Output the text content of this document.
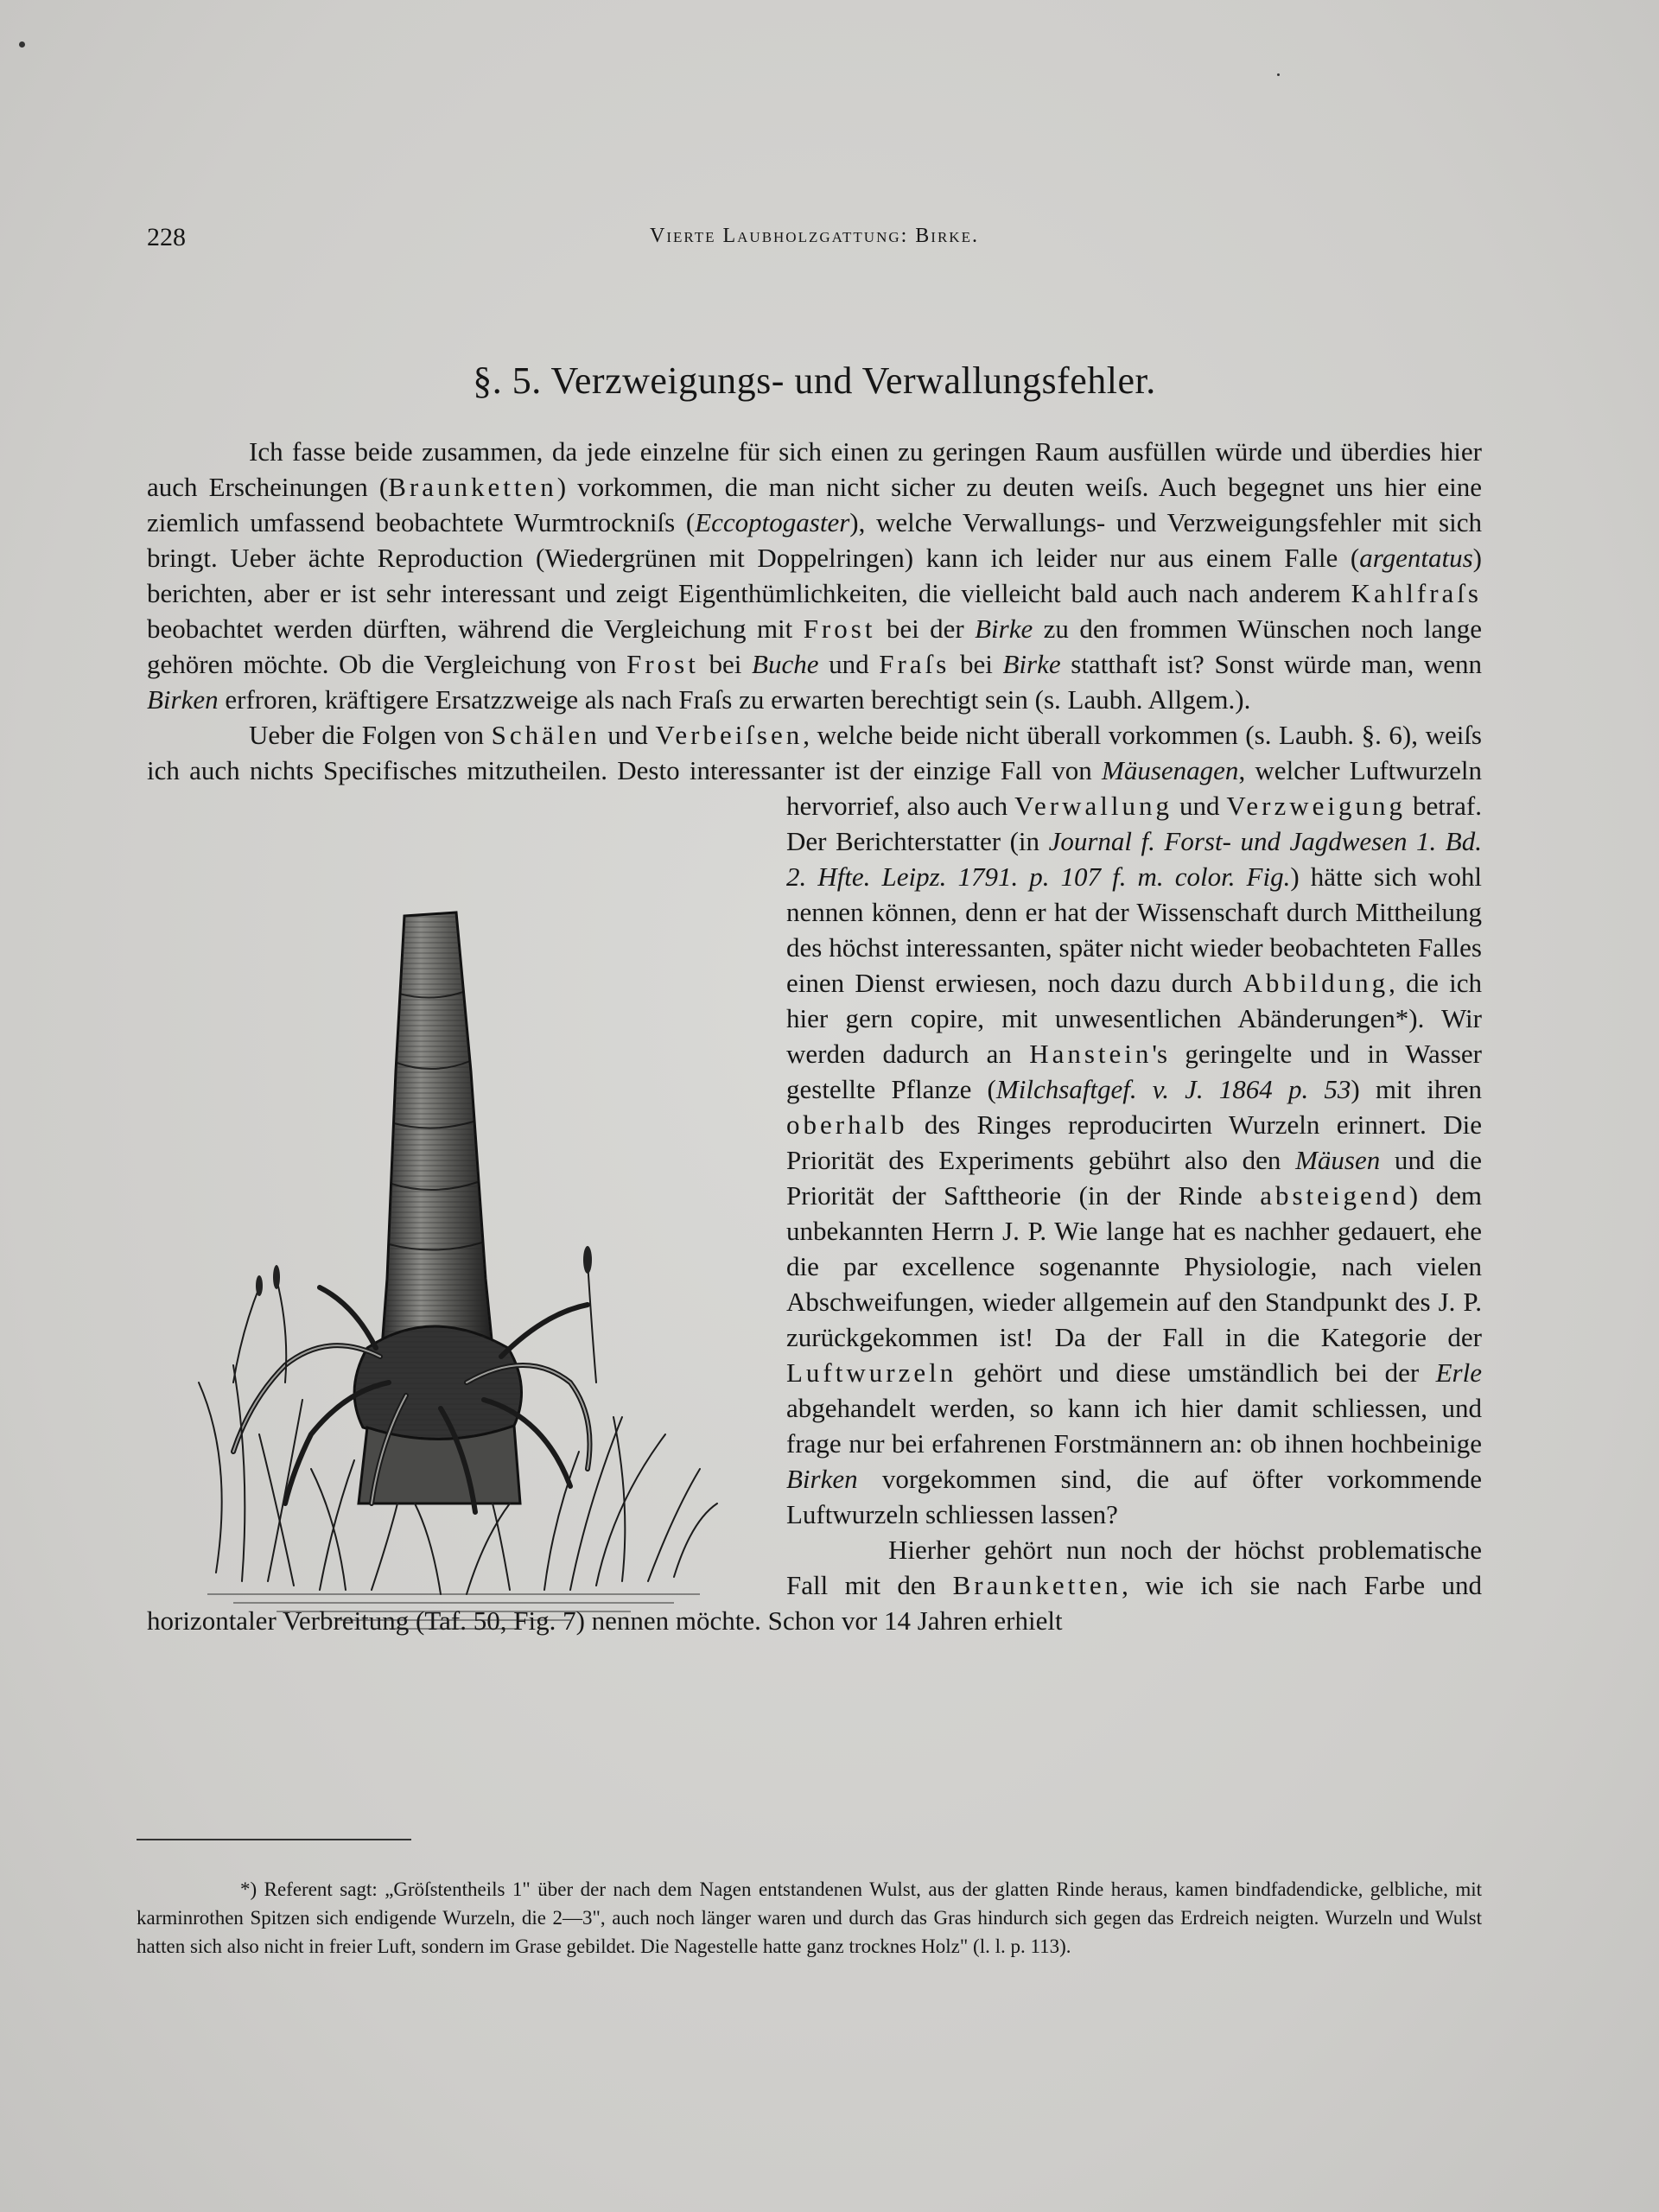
228	Vierte Laubholzgattung: Birke.
§. 5. Verzweigungs- und Verwallungsfehler.

Ich fasse beide zusammen, da jede einzelne für sich einen zu geringen Raum ausfüllen würde und überdies hier auch Erscheinungen (Braunketten) vorkommen, die man nicht sicher zu deuten weiſs. Auch begegnet uns hier eine ziemlich umfassend beobachtete Wurmtrockniſs (Eccoptogaster), welche Verwallungs- und Verzweigungsfehler mit sich bringt. Ueber ächte Reproduction (Wiedergrünen mit Doppelringen) kann ich leider nur aus einem Falle (argentatus) berichten, aber er ist sehr interessant und zeigt Eigenthümlichkeiten, die vielleicht bald auch nach anderem Kahlfraſs beobachtet werden dürften, während die Vergleichung mit Frost bei der Birke zu den frommen Wünschen noch lange gehören möchte. Ob die Vergleichung von Frost bei Buche und Fraſs bei Birke statthaft ist? Sonst würde man, wenn Birken erfroren, kräftigere Ersatzzweige als nach Fraſs zu erwarten berechtigt sein (s. Laubh. Allgem.).

Ueber die Folgen von Schälen und Verbeiſsen, welche beide nicht überall vorkommen (s. Laubh. §. 6), weiſs ich auch nichts Specifisches mitzutheilen. Desto interessanter ist der einzige Fall von
Mäusenagen, welcher Luftwurzeln hervorrief, also auch Verwallung und Verzweigung betraf. Der Berichterstatter (in Journal f. Forst- und Jagdwesen 1. Bd. 2. Hfte. Leipz. 1791. p. 107 f. m. color. Fig.) hätte sich wohl nennen können, denn er hat der Wissenschaft durch Mittheilung des höchst interessanten, später nicht wieder beobachteten Falles einen Dienst erwiesen, noch dazu durch Abbildung, die ich hier gern copire, mit unwesentlichen Abänderungen*). Wir werden dadurch an Hanstein's geringelte und in Wasser gestellte Pflanze (Milchsaftgef. v. J. 1864 p. 53) mit ihren oberhalb des Ringes reproducirten Wurzeln erinnert. Die Priorität des Experiments gebührt also den Mäusen und die Priorität der Safttheorie (in der Rinde absteigend) dem unbekannten Herrn J. P. Wie lange hat es nachher gedauert, ehe die par excellence sogenannte Physiologie, nach vielen Abschweifungen, wieder allgemein auf den Standpunkt des J. P. zurückgekommen ist! Da der Fall in die Kategorie der Luftwurzeln gehört und diese umständlich bei der Erle abgehandelt werden, so kann ich hier damit schliessen, und frage nur bei erfahrenen Forstmännern an: ob ihnen hochbeinige Birken vorgekommen sind, die auf öfter vorkommende Luftwurzeln schliessen lassen?

Hierher gehört nun noch der höchst problematische Fall mit den Braunketten, wie ich sie nach Farbe und horizontaler Verbreitung (Taf. 50, Fig. 7) nennen möchte. Schon vor 14 Jahren erhielt

*) Referent sagt: „Gröſstentheils 1" über der nach dem Nagen entstandenen Wulst, aus der glatten Rinde heraus, kamen bindfadendicke, gelbliche, mit karminrothen Spitzen sich endigende Wurzeln, die 2—3", auch noch länger waren und durch das Gras hindurch sich gegen das Erdreich neigten. Wurzeln und Wulst hatten sich also nicht in freier Luft, sondern im Grase gebildet. Die Nagestelle hatte ganz trocknes Holz" (l. l. p. 113).
